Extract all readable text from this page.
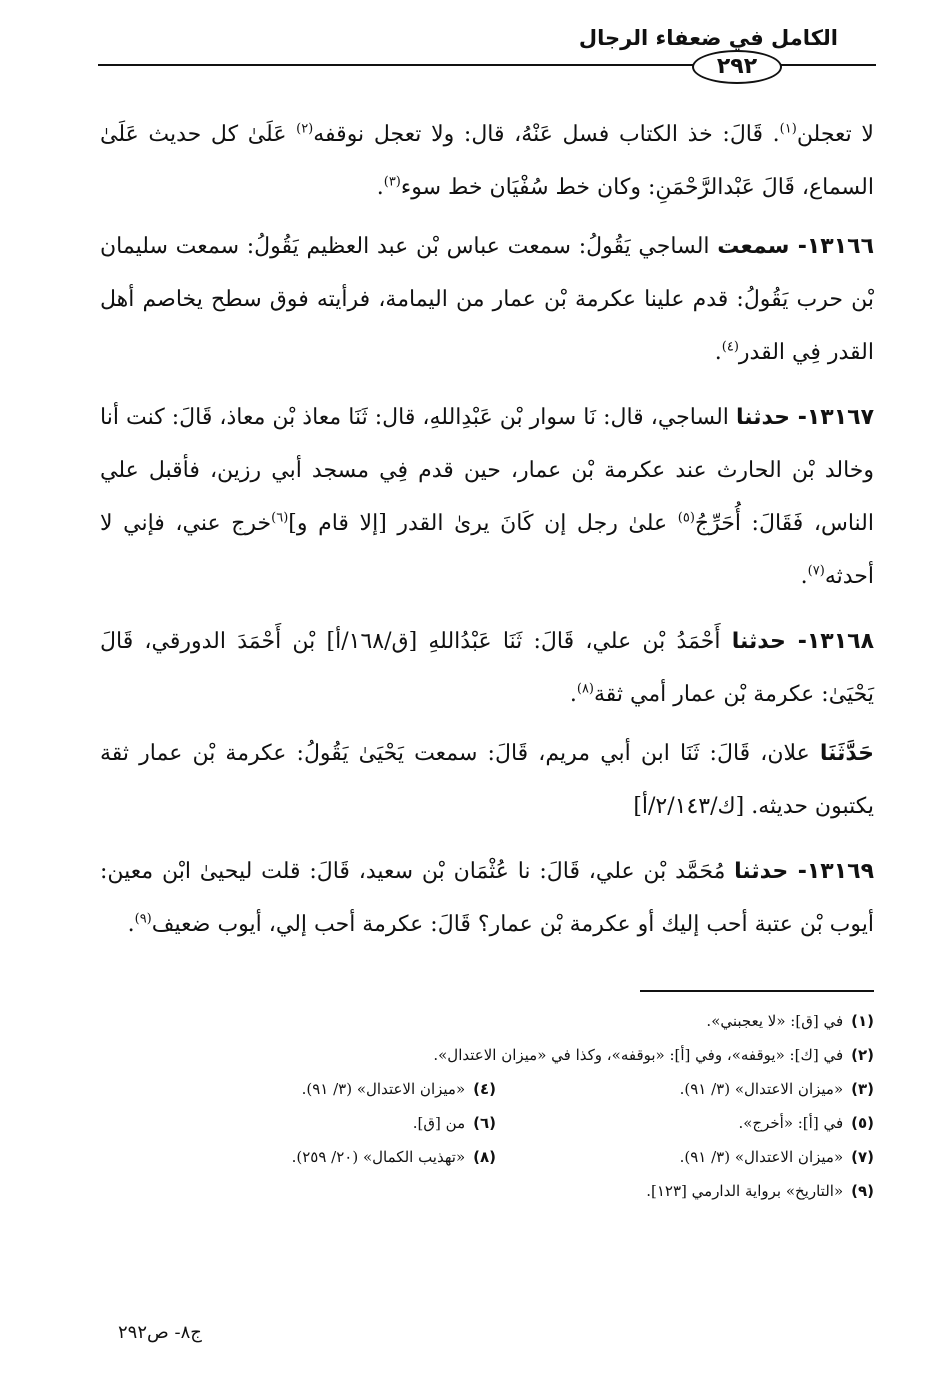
الكامل في ضعفاء الرجال
٢٩٢

لا تعجلن$^{(١)}$. قَالَ: خذ الكتاب فسل عَنْهُ، قال: ولا تعجل نوقفه$^{(٢)}$ عَلَىٰ كل حديث عَلَىٰ السماع، قَالَ عَبْدالرَّحْمَنِ: وكان خط سُفْيَان خط سوء$^{(٣)}$.

١٣١٦٦- سمعت الساجي يَقُولُ: سمعت عباس بْن عبد العظيم يَقُولُ: سمعت سليمان بْن حرب يَقُولُ: قدم علينا عكرمة بْن عمار من اليمامة، فرأيته فوق سطح يخاصم أهل القدر فِي القدر$^{(٤)}$.

١٣١٦٧- حدثنا الساجي، قال: نَا سوار بْن عَبْدِاللهِ، قال: ثَنَا معاذ بْن معاذ، قَالَ: كنت أنا وخالد بْن الحارث عند عكرمة بْن عمار، حين قدم فِي مسجد أبي رزين، فأقبل علي الناس، فَقَالَ: أُحَرِّجُ$^{(٥)}$ علىٰ رجل إن كَانَ يرىٰ القدر [إلا قام و]$^{(٦)}$خرج عني، فإني لا أحدثه$^{(٧)}$.

١٣١٦٨- حدثنا أَحْمَدُ بْن علي، قَالَ: ثَنَا عَبْدُاللهِ [ق/١٦٨/أ] بْن أَحْمَدَ الدورقي، قَالَ يَحْيَىٰ: عكرمة بْن عمار أمي ثقة$^{(٨)}$.

حَدَّثَنَا علان، قَالَ: ثَنَا ابن أبي مريم، قَالَ: سمعت يَحْيَىٰ يَقُولُ: عكرمة بْن عمار ثقة يكتبون حديثه. [ك/٢/١٤٣/أ]

١٣١٦٩- حدثنا مُحَمَّد بْن علي، قَالَ: نا عُثْمَان بْن سعيد، قَالَ: قلت ليحيىٰ ابْن معين: أيوب بْن عتبة أحب إليك أو عكرمة بْن عمار؟ قَالَ: عكرمة أحب إلي، أيوب ضعيف$^{(٩)}$.

(١)في [ق]: «لا يعجبني».
(٢)في [ك]: «يوقفه»، وفي [أ]: «بوقفه»، وكذا في «ميزان الاعتدال».
(٣)«ميزان الاعتدال» (٣/ ٩١).
(٤)«ميزان الاعتدال» (٣/ ٩١).
(٥)في [أ]: «أخرج».
(٦)من [ق].
(٧)«ميزان الاعتدال» (٣/ ٩١).
(٨)«تهذيب الكمال» (٢٠/ ٢٥٩).
(٩)«التاريخ» برواية الدارمي [١٢٣].
ج٨- ص٢٩٢
